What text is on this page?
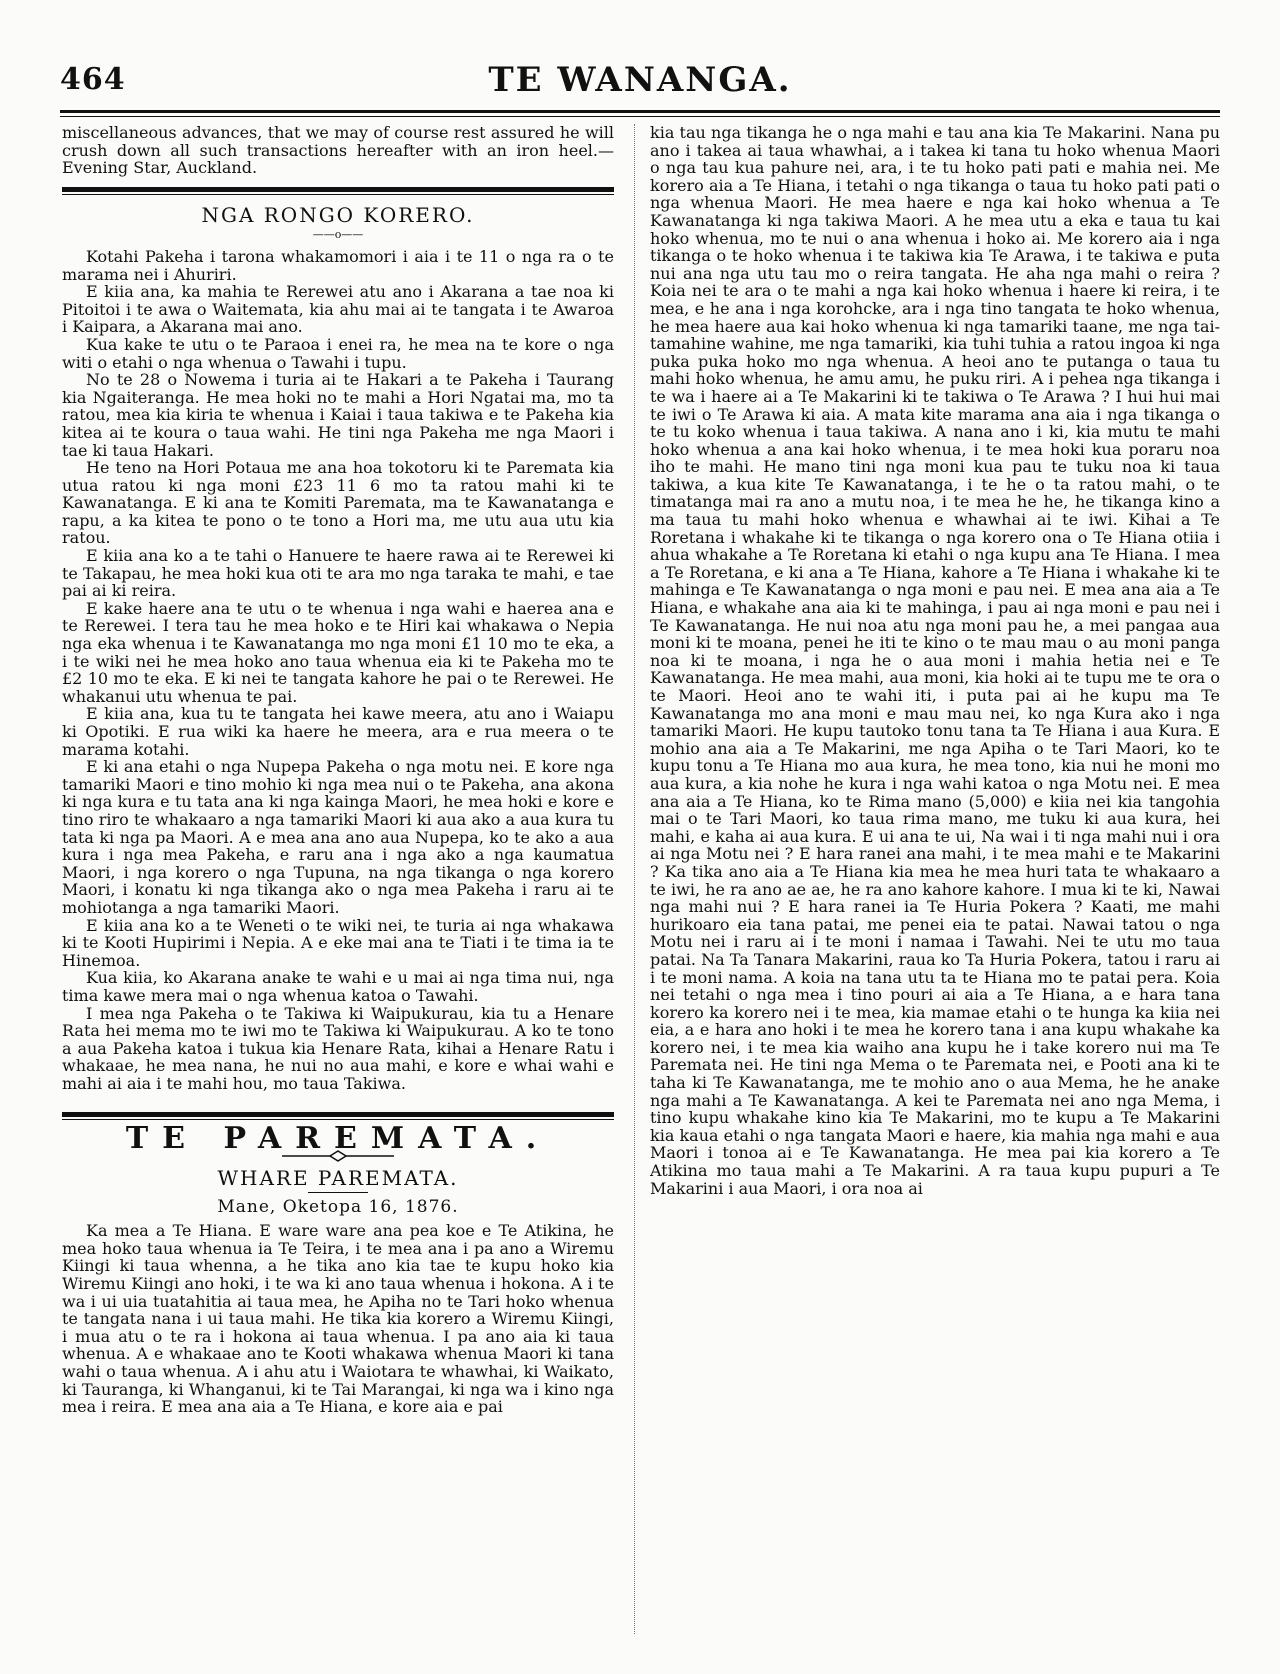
464	TE WANANGA.

miscellaneous advances, that we may of course rest assured he will crush down all such transactions hereafter with an iron heel.—Evening Star, Auckland.

NGA RONGO KORERO.
——o——

Kotahi Pakeha i tarona whakamomori i aia i te 11 o nga ra o te marama nei i Ahuriri.

E kiia ana, ka mahia te Rerewei atu ano i Akarana a tae noa ki Pitoitoi i te awa o Waitemata, kia ahu mai ai te tangata i te Awaroa i Kaipara, a Akarana mai ano.

Kua kake te utu o te Paraoa i enei ra, he mea na te kore o nga witi o etahi o nga whenua o Tawahi i tupu.

No te 28 o Nowema i turia ai te Hakari a te Pakeha i Taurang kia Ngaiteranga. He mea hoki no te mahi a Hori Ngatai ma, mo ta ratou, mea kia kiria te whenua i Kaiai i taua takiwa e te Pakeha kia kitea ai te koura o taua wahi. He tini nga Pakeha me nga Maori i tae ki taua Hakari.

He teno na Hori Potaua me ana hoa tokotoru ki te Paremata kia utua ratou ki nga moni £23 11 6 mo ta ratou mahi ki te Kawanatanga. E ki ana te Komiti Paremata, ma te Kawanatanga e rapu, a ka kitea te pono o te tono a Hori ma, me utu aua utu kia ratou.

E kiia ana ko a te tahi o Hanuere te haere rawa ai te Rerewei ki te Takapau, he mea hoki kua oti te ara mo nga taraka te mahi, e tae pai ai ki reira.

E kake haere ana te utu o te whenua i nga wahi e haerea ana e te Rerewei. I tera tau he mea hoko e te Hiri kai whakawa o Nepia nga eka whenua i te Kawanatanga mo nga moni £1 10 mo te eka, a i te wiki nei he mea hoko ano taua whenua eia ki te Pakeha mo te £2 10 mo te eka. E ki nei te tangata kahore he pai o te Rerewei. He whakanui utu whenua te pai.

E kiia ana, kua tu te tangata hei kawe meera, atu ano i Waiapu ki Opotiki. E rua wiki ka haere he meera, ara e rua meera o te marama kotahi.

E ki ana etahi o nga Nupepa Pakeha o nga motu nei. E kore nga tamariki Maori e tino mohio ki nga mea nui o te Pakeha, ana akona ki nga kura e tu tata ana ki nga kainga Maori, he mea hoki e kore e tino riro te whakaaro a nga tamariki Maori ki aua ako a aua kura tu tata ki nga pa Maori. A e mea ana ano aua Nupepa, ko te ako a aua kura i nga mea Pakeha, e raru ana i nga ako a nga kaumatua Maori, i nga korero o nga Tupuna, na nga tikanga o nga korero Maori, i konatu ki nga tikanga ako o nga mea Pakeha i raru ai te mohiotanga a nga tamariki Maori.

E kiia ana ko a te Weneti o te wiki nei, te turia ai nga whakawa ki te Kooti Hupirimi i Nepia. A e eke mai ana te Tiati i te tima ia te Hinemoa.

Kua kiia, ko Akarana anake te wahi e u mai ai nga tima nui, nga tima kawe mera mai o nga whenua katoa o Tawahi.

I mea nga Pakeha o te Takiwa ki Waipukurau, kia tu a Henare Rata hei mema mo te iwi mo te Takiwa ki Waipukurau. A ko te tono a aua Pakeha katoa i tukua kia Henare Rata, kihai a Henare Ratu i whakaae, he mea nana, he nui no aua mahi, e kore e whai wahi e mahi ai aia i te mahi hou, mo taua Takiwa.

TE PAREMATA.
WHARE PAREMATA.
Mane, Oketopa 16, 1876.

Ka mea a Te Hiana. E ware ware ana pea koe e Te Atikina, he mea hoko taua whenua ia Te Teira, i te mea ana i pa ano a Wiremu Kiingi ki taua whenna, a he tika ano kia tae te kupu hoko kia Wiremu Kiingi ano hoki, i te wa ki ano taua whenua i hokona. A i te wa i ui uia tuatahitia ai taua mea, he Apiha no te Tari hoko whenua te tangata nana i ui taua mahi. He tika kia korero a Wiremu Kiingi, i mua atu o te ra i hokona ai taua whenua. I pa ano aia ki taua whenua. A e whakaae ano te Kooti whakawa whenua Maori ki tana wahi o taua whenua. A i ahu atu i Waiotara te whawhai, ki Waikato, ki Tauranga, ki Whanganui, ki te Tai Marangai, ki nga wa i kino nga mea i reira. E mea ana aia a Te Hiana, e kore aia e pai

kia tau nga tikanga he o nga mahi e tau ana kia Te Makarini. Nana pu ano i takea ai taua whawhai, a i takea ki tana tu hoko whenua Maori o nga tau kua pahure nei, ara, i te tu hoko pati pati e mahia nei. Me korero aia a Te Hiana, i tetahi o nga tikanga o taua tu hoko pati pati o nga whenua Maori. He mea haere e nga kai hoko whenua a Te Kawanatanga ki nga takiwa Maori. A he mea utu a eka e taua tu kai hoko whenua, mo te nui o ana whenua i hoko ai. Me korero aia i nga tikanga o te hoko whenua i te takiwa kia Te Arawa, i te takiwa e puta nui ana nga utu tau mo o reira tangata. He aha nga mahi o reira ? Koia nei te ara o te mahi a nga kai hoko whenua i haere ki reira, i te mea, e he ana i nga korohcke, ara i nga tino tangata te hoko whenua, he mea haere aua kai hoko whenua ki nga tamariki taane, me nga tai-tamahine wahine, me nga tamariki, kia tuhi tuhia a ratou ingoa ki nga puka puka hoko mo nga whenua. A heoi ano te putanga o taua tu mahi hoko whenua, he amu amu, he puku riri. A i pehea nga tikanga i te wa i haere ai a Te Makarini ki te takiwa o Te Arawa ? I hui hui mai te iwi o Te Arawa ki aia. A mata kite marama ana aia i nga tikanga o te tu koko whenua i taua takiwa. A nana ano i ki, kia mutu te mahi hoko whenua a ana kai hoko whenua, i te mea hoki kua poraru noa iho te mahi. He mano tini nga moni kua pau te tuku noa ki taua takiwa, a kua kite Te Kawanatanga, i te he o ta ratou mahi, o te timatanga mai ra ano a mutu noa, i te mea he he, he tikanga kino a ma taua tu mahi hoko whenua e whawhai ai te iwi. Kihai a Te Roretana i whakahe ki te tikanga o nga korero ona o Te Hiana otiia i ahua whakahe a Te Roretana ki etahi o nga kupu ana Te Hiana. I mea a Te Roretana, e ki ana a Te Hiana, kahore a Te Hiana i whakahe ki te mahinga e Te Kawanatanga o nga moni e pau nei. E mea ana aia a Te Hiana, e whakahe ana aia ki te mahinga, i pau ai nga moni e pau nei i Te Kawanatanga. He nui noa atu nga moni pau he, a mei pangaa aua moni ki te moana, penei he iti te kino o te mau mau o au moni panga noa ki te moana, i nga he o aua moni i mahia hetia nei e Te Kawanatanga. He mea mahi, aua moni, kia hoki ai te tupu me te ora o te Maori. Heoi ano te wahi iti, i puta pai ai he kupu ma Te Kawanatanga mo ana moni e mau mau nei, ko nga Kura ako i nga tamariki Maori. He kupu tautoko tonu tana ta Te Hiana i aua Kura. E mohio ana aia a Te Makarini, me nga Apiha o te Tari Maori, ko te kupu tonu a Te Hiana mo aua kura, he mea tono, kia nui he moni mo aua kura, a kia nohe he kura i nga wahi katoa o nga Motu nei. E mea ana aia a Te Hiana, ko te Rima mano (5,000) e kiia nei kia tangohia mai o te Tari Maori, ko taua rima mano, me tuku ki aua kura, hei mahi, e kaha ai aua kura. E ui ana te ui, Na wai i ti nga mahi nui i ora ai nga Motu nei ? E hara ranei ana mahi, i te mea mahi e te Makarini ? Ka tika ano aia a Te Hiana kia mea he mea huri tata te whakaaro a te iwi, he ra ano ae ae, he ra ano kahore kahore. I mua ki te ki, Nawai nga mahi nui ? E hara ranei ia Te Huria Pokera ? Kaati, me mahi hurikoaro eia tana patai, me penei eia te patai. Nawai tatou o nga Motu nei i raru ai i te moni i namaa i Tawahi. Nei te utu mo taua patai. Na Ta Tanara Makarini, raua ko Ta Huria Pokera, tatou i raru ai i te moni nama. A koia na tana utu ta te Hiana mo te patai pera. Koia nei tetahi o nga mea i tino pouri ai aia a Te Hiana, a e hara tana korero ka korero nei i te mea, kia mamae etahi o te hunga ka kiia nei eia, a e hara ano hoki i te mea he korero tana i ana kupu whakahe ka korero nei, i te mea kia waiho ana kupu he i take korero nui ma Te Paremata nei. He tini nga Mema o te Paremata nei, e Pooti ana ki te taha ki Te Kawanatanga, me te mohio ano o aua Mema, he he anake nga mahi a Te Kawanatanga. A kei te Paremata nei ano nga Mema, i tino kupu whakahe kino kia Te Makarini, mo te kupu a Te Makarini kia kaua etahi o nga tangata Maori e haere, kia mahia nga mahi e aua Maori i tonoa ai e Te Kawanatanga. He mea pai kia korero a Te Atikina mo taua mahi a Te Makarini. A ra taua kupu pupuri a Te Makarini i aua Maori, i ora noa ai
